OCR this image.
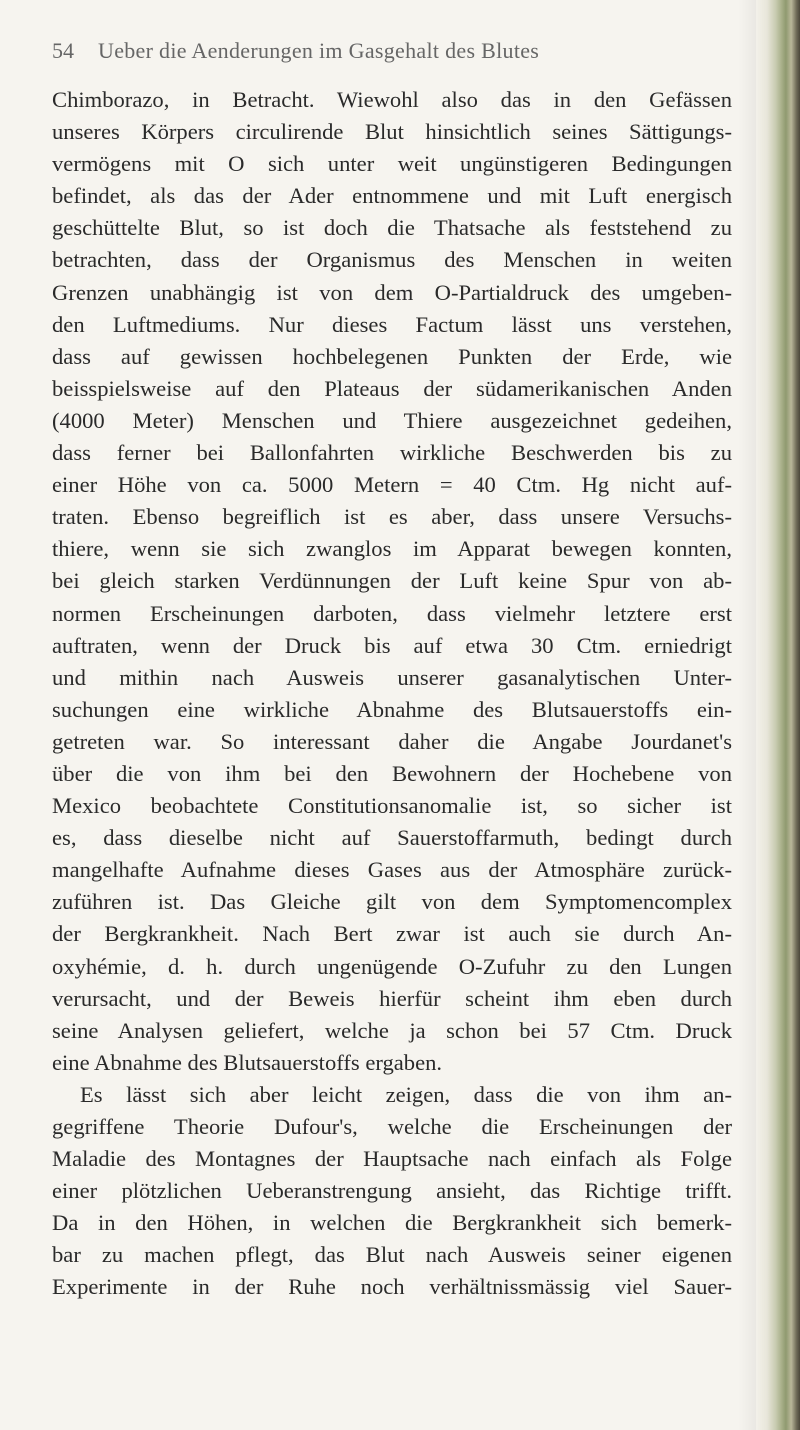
54 Ueber die Aenderungen im Gasgehalt des Blutes
Chimborazo, in Betracht. Wiewohl also das in den Gefässen
unseres Körpers circulirende Blut hinsichtlich seines Sättigungs-
vermögens mit O sich unter weit ungünstigeren Bedingungen
befindet, als das der Ader entnommene und mit Luft energisch
geschüttelte Blut, so ist doch die Thatsache als feststehend zu
betrachten, dass der Organismus des Menschen in weiten
Grenzen unabhängig ist von dem O-Partialdruck des umgeben-
den Luftmediums. Nur dieses Factum lässt uns verstehen,
dass auf gewissen hochbelegenen Punkten der Erde, wie
beisspielsweise auf den Plateaus der südamerikanischen Anden
(4000 Meter) Menschen und Thiere ausgezeichnet gedeihen,
dass ferner bei Ballonfahrten wirkliche Beschwerden bis zu
einer Höhe von ca. 5000 Metern = 40 Ctm. Hg nicht auf-
traten. Ebenso begreiflich ist es aber, dass unsere Versuchs-
thiere, wenn sie sich zwanglos im Apparat bewegen konnten,
bei gleich starken Verdünnungen der Luft keine Spur von ab-
normen Erscheinungen darboten, dass vielmehr letztere erst
auftraten, wenn der Druck bis auf etwa 30 Ctm. erniedrigt
und mithin nach Ausweis unserer gasanalytischen Unter-
suchungen eine wirkliche Abnahme des Blutsauerstoffs ein-
getreten war. So interessant daher die Angabe Jourdanet's
über die von ihm bei den Bewohnern der Hochebene von
Mexico beobachtete Constitutionsanomalie ist, so sicher ist
es, dass dieselbe nicht auf Sauerstoffarmuth, bedingt durch
mangelhafte Aufnahme dieses Gases aus der Atmosphäre zurück-
zuführen ist. Das Gleiche gilt von dem Symptomencomplex
der Bergkrankheit. Nach Bert zwar ist auch sie durch An-
oxyhémie, d. h. durch ungenügende O-Zufuhr zu den Lungen
verursacht, und der Beweis hierfür scheint ihm eben durch
seine Analysen geliefert, welche ja schon bei 57 Ctm. Druck
eine Abnahme des Blutsauerstoffs ergaben.
Es lässt sich aber leicht zeigen, dass die von ihm an-
gegriffene Theorie Dufour's, welche die Erscheinungen der
Maladie des Montagnes der Hauptsache nach einfach als Folge
einer plötzlichen Ueberanstrengung ansieht, das Richtige trifft.
Da in den Höhen, in welchen die Bergkrankheit sich bemerk-
bar zu machen pflegt, das Blut nach Ausweis seiner eigenen
Experimente in der Ruhe noch verhältnissmässig viel Sauer-
